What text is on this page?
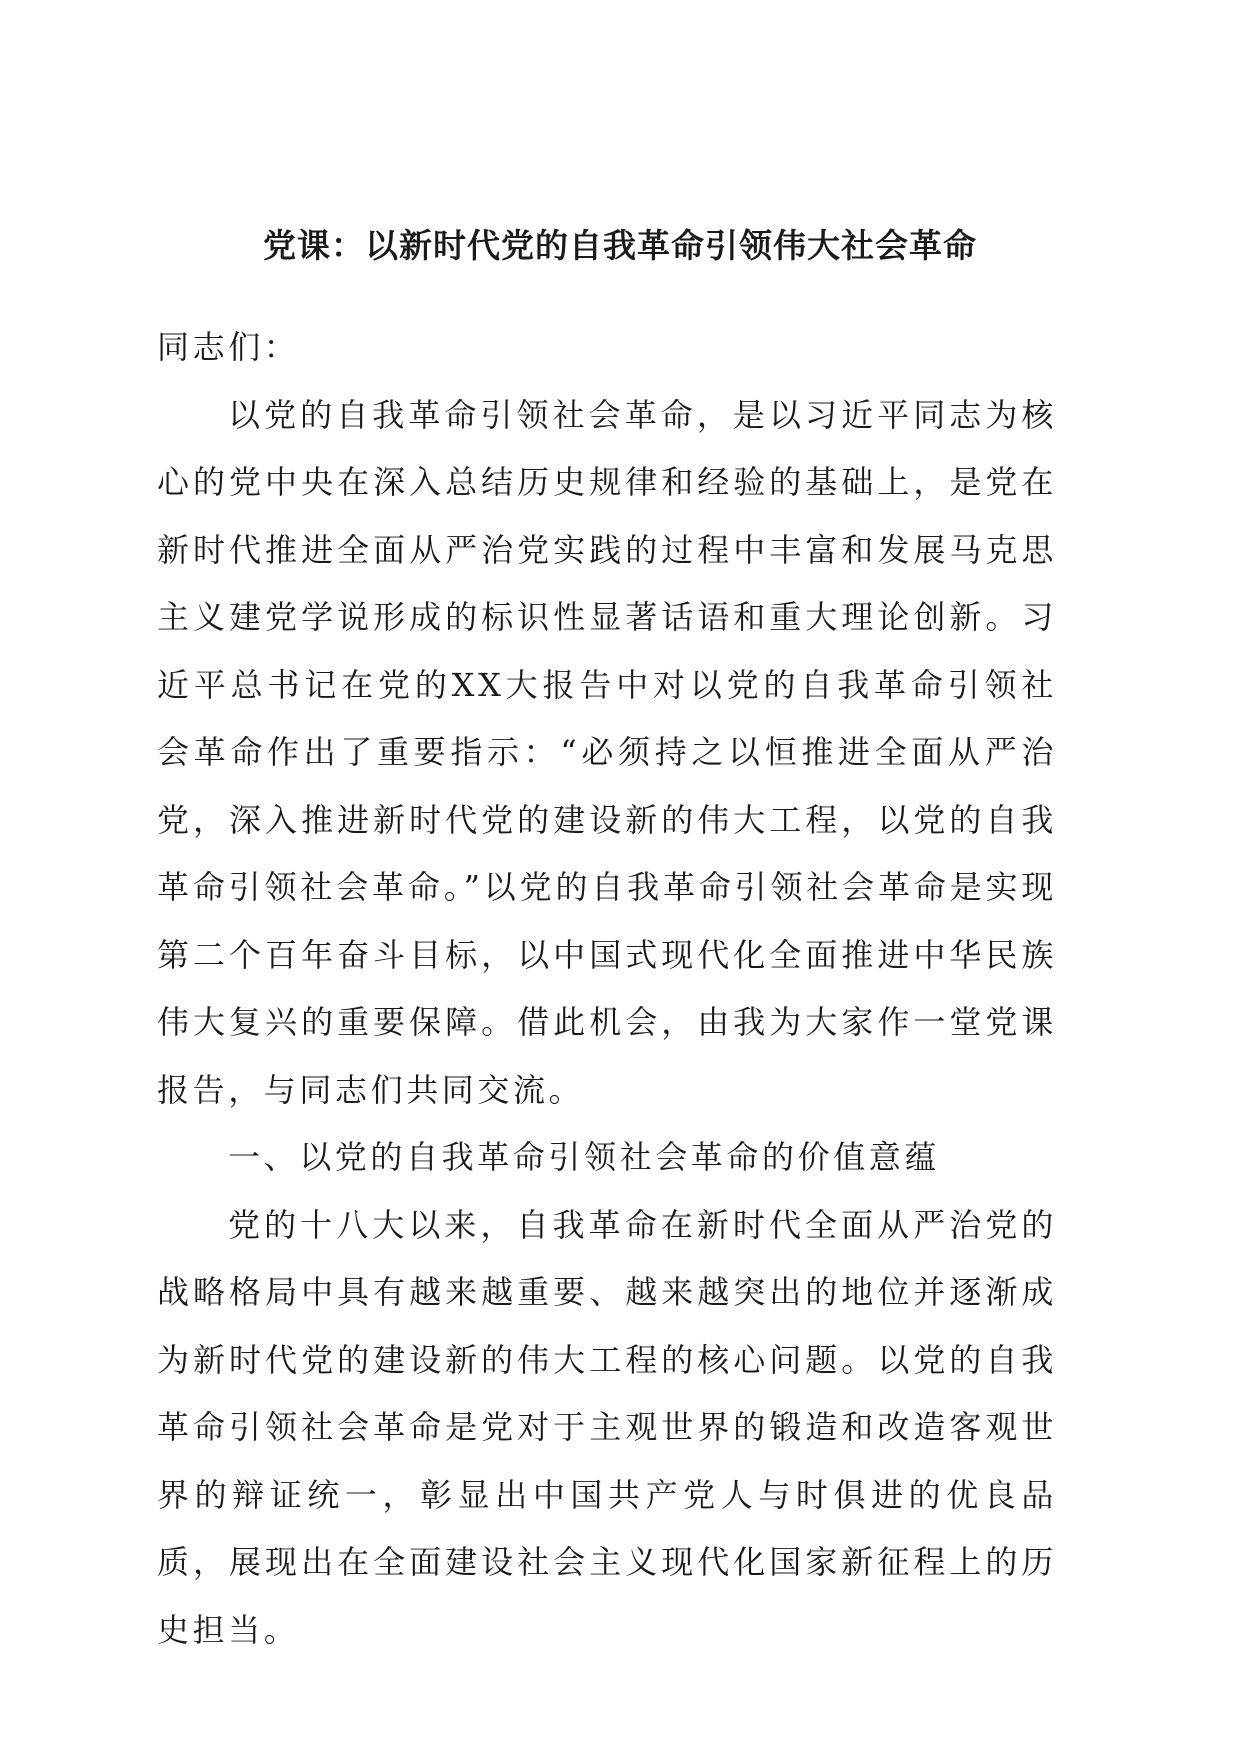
党课：以新时代党的自我革命引领伟大社会革命

同志们：

以党的自我革命引领社会革命，是以习近平同志为核心的党中央在深入总结历史规律和经验的基础上，是党在新时代推进全面从严治党实践的过程中丰富和发展马克思主义建党学说形成的标识性显著话语和重大理论创新。习近平总书记在党的XX大报告中对以党的自我革命引领社会革命作出了重要指示：“必须持之以恒推进全面从严治党，深入推进新时代党的建设新的伟大工程，以党的自我革命引领社会革命。”以党的自我革命引领社会革命是实现第二个百年奋斗目标，以中国式现代化全面推进中华民族伟大复兴的重要保障。借此机会，由我为大家作一堂党课报告，与同志们共同交流。

一、以党的自我革命引领社会革命的价值意蕴

党的十八大以来，自我革命在新时代全面从严治党的战略格局中具有越来越重要、越来越突出的地位并逐渐成为新时代党的建设新的伟大工程的核心问题。以党的自我革命引领社会革命是党对于主观世界的锻造和改造客观世界的辩证统一，彰显出中国共产党人与时俱进的优良品质，展现出在全面建设社会主义现代化国家新征程上的历史担当。
